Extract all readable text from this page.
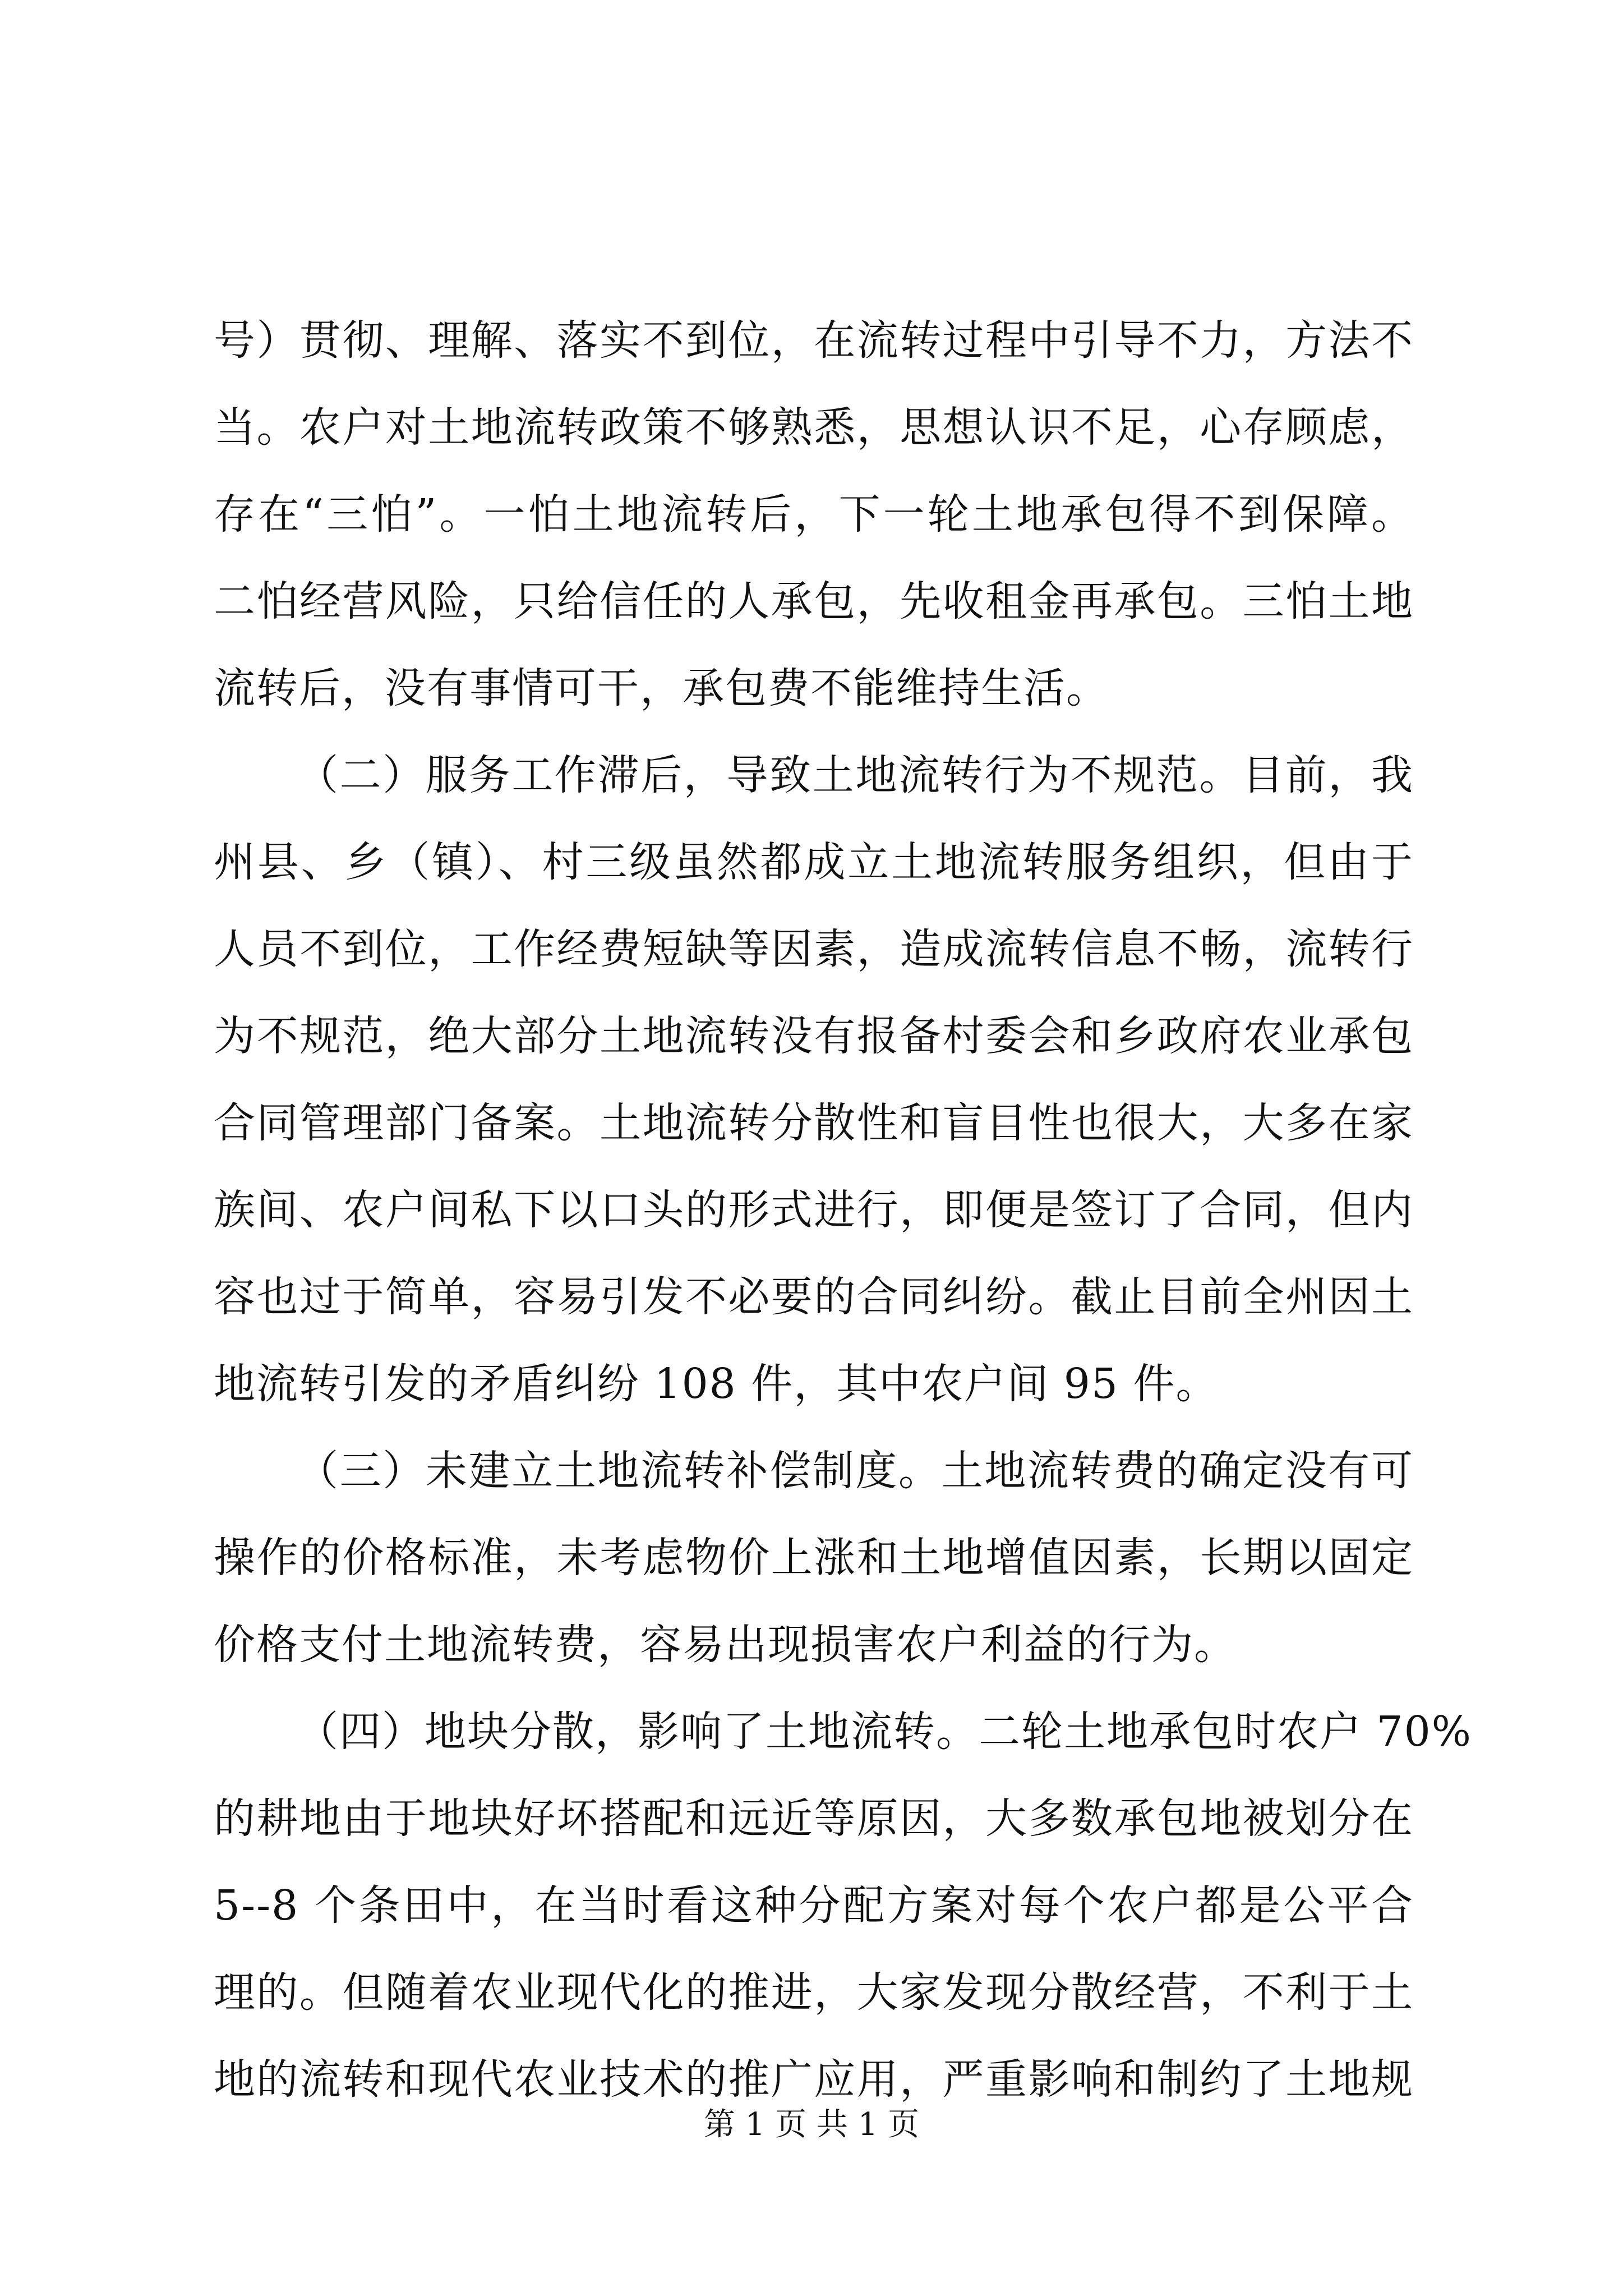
号）贯彻、理解、落实不到位，在流转过程中引导不力，方法不
当。农户对土地流转政策不够熟悉，思想认识不足，心存顾虑，
存在“三怕”。一怕土地流转后，下一轮土地承包得不到保障。
二怕经营风险，只给信任的人承包，先收租金再承包。三怕土地
流转后，没有事情可干，承包费不能维持生活。
（二）服务工作滞后，导致土地流转行为不规范。目前，我
州县、乡（镇）、村三级虽然都成立土地流转服务组织，但由于
人员不到位，工作经费短缺等因素，造成流转信息不畅，流转行
为不规范，绝大部分土地流转没有报备村委会和乡政府农业承包
合同管理部门备案。土地流转分散性和盲目性也很大，大多在家
族间、农户间私下以口头的形式进行，即便是签订了合同，但内
容也过于简单，容易引发不必要的合同纠纷。截止目前全州因土
地流转引发的矛盾纠纷 108 件，其中农户间 95 件。
（三）未建立土地流转补偿制度。土地流转费的确定没有可
操作的价格标准，未考虑物价上涨和土地增值因素，长期以固定
价格支付土地流转费，容易出现损害农户利益的行为。
（四）地块分散，影响了土地流转。二轮土地承包时农户 70%
的耕地由于地块好坏搭配和远近等原因，大多数承包地被划分在
5--8 个条田中，在当时看这种分配方案对每个农户都是公平合
理的。但随着农业现代化的推进，大家发现分散经营，不利于土
地的流转和现代农业技术的推广应用，严重影响和制约了土地规
第 1 页 共 1 页
